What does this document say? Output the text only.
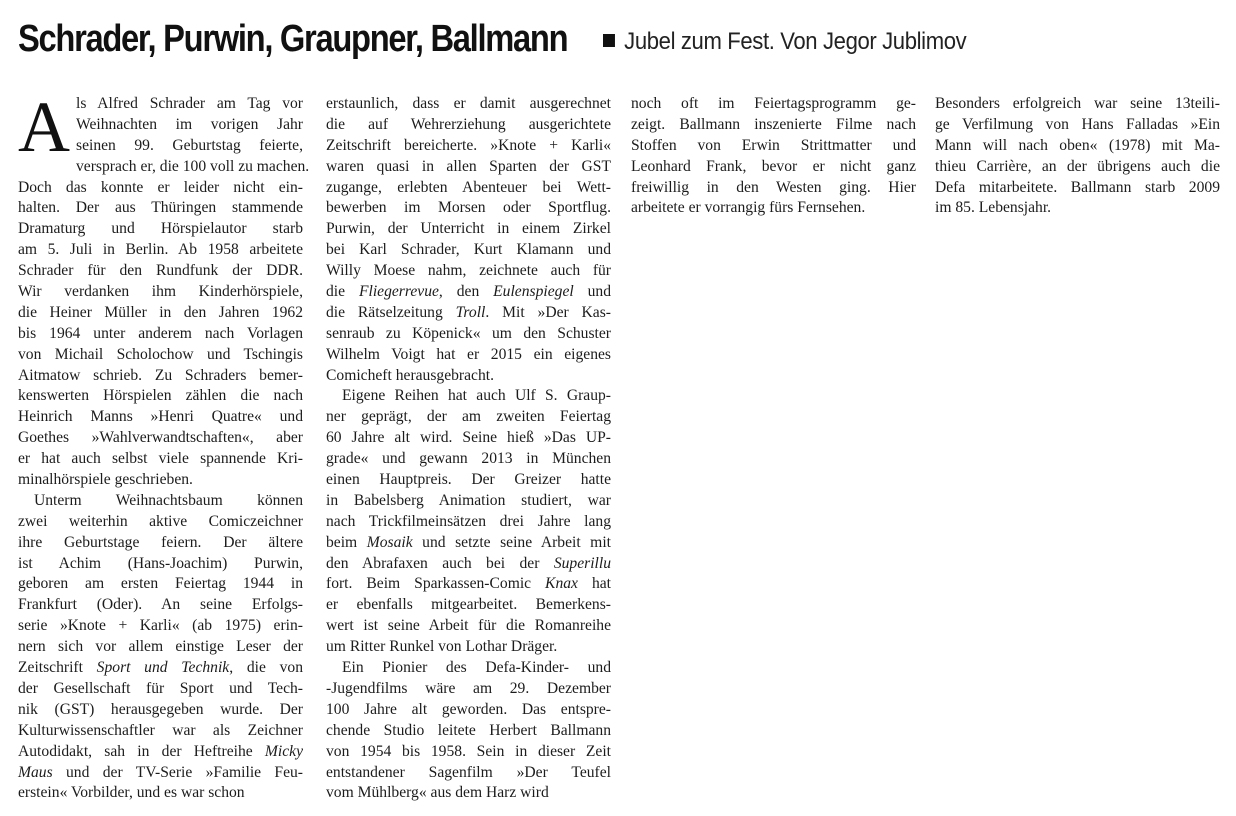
Schrader, Purwin, Graupner, Ballmann	Jubel zum Fest. Von Jegor Jublimov
A ls Alfred Schrader am Tag vor
Weihnachten im vorigen Jahr
seinen 99. Geburtstag feierte,
versprach er, die 100 voll zu machen.
Doch das konnte er leider nicht ein-
halten. Der aus Thüringen stammende
Dramaturg und Hörspielautor starb
am 5. Juli in Berlin. Ab 1958 arbeitete
Schrader für den Rundfunk der DDR.
Wir verdanken ihm Kinderhörspiele,
die Heiner Müller in den Jahren 1962
bis 1964 unter anderem nach Vorlagen
von Michail Scholochow und Tschingis
Aitmatow schrieb. Zu Schraders bemer-
kenswerten Hörspielen zählen die nach
Heinrich Manns »Henri Quatre« und
Goethes »Wahlverwandtschaften«, aber
er hat auch selbst viele spannende Kri-
minalhörspiele geschrieben.
Unterm Weihnachtsbaum können
zwei weiterhin aktive Comiczeichner
ihre Geburtstage feiern. Der ältere
ist Achim (Hans-Joachim) Purwin,
geboren am ersten Feiertag 1944 in
Frankfurt (Oder). An seine Erfolgs-
serie »Knote + Karli« (ab 1975) erin-
nern sich vor allem einstige Leser der
Zeitschrift Sport und Technik, die von
der Gesellschaft für Sport und Tech-
nik (GST) herausgegeben wurde. Der
Kulturwissenschaftler war als Zeichner
Autodidakt, sah in der Heftreihe Micky
Maus und der TV-Serie »Familie Feu-
erstein« Vorbilder, und es war schon
erstaunlich, dass er damit ausgerechnet
die auf Wehrerziehung ausgerichtete
Zeitschrift bereicherte. »Knote + Karli«
waren quasi in allen Sparten der GST
zugange, erlebten Abenteuer bei Wett-
bewerben im Morsen oder Sportflug.
Purwin, der Unterricht in einem Zirkel
bei Karl Schrader, Kurt Klamann und
Willy Moese nahm, zeichnete auch für
die Fliegerrevue, den Eulenspiegel und
die Rätselzeitung Troll. Mit »Der Kas-
senraub zu Köpenick« um den Schuster
Wilhelm Voigt hat er 2015 ein eigenes
Comicheft herausgebracht.
Eigene Reihen hat auch Ulf S. Graup-
ner geprägt, der am zweiten Feiertag
60 Jahre alt wird. Seine hieß »Das UP-
grade« und gewann 2013 in München
einen Hauptpreis. Der Greizer hatte
in Babelsberg Animation studiert, war
nach Trickfilmeinsätzen drei Jahre lang
beim Mosaik und setzte seine Arbeit mit
den Abrafaxen auch bei der Superillu
fort. Beim Sparkassen-Comic Knax hat
er ebenfalls mitgearbeitet. Bemerkens-
wert ist seine Arbeit für die Romanreihe
um Ritter Runkel von Lothar Dräger.
Ein Pionier des Defa-Kinder- und
-Jugendfilms wäre am 29. Dezember
100 Jahre alt geworden. Das entspre-
chende Studio leitete Herbert Ballmann
von 1954 bis 1958. Sein in dieser Zeit
entstandener Sagenfilm »Der Teufel
vom Mühlberg« aus dem Harz wird
noch oft im Feiertagsprogramm ge-
zeigt. Ballmann inszenierte Filme nach
Stoffen von Erwin Strittmatter und
Leonhard Frank, bevor er nicht ganz
freiwillig in den Westen ging. Hier
arbeitete er vorrangig fürs Fernsehen.
Besonders erfolgreich war seine 13teili-
ge Verfilmung von Hans Falladas »Ein
Mann will nach oben« (1978) mit Ma-
thieu Carrière, an der übrigens auch die
Defa mitarbeitete. Ballmann starb 2009
im 85. Lebensjahr.
